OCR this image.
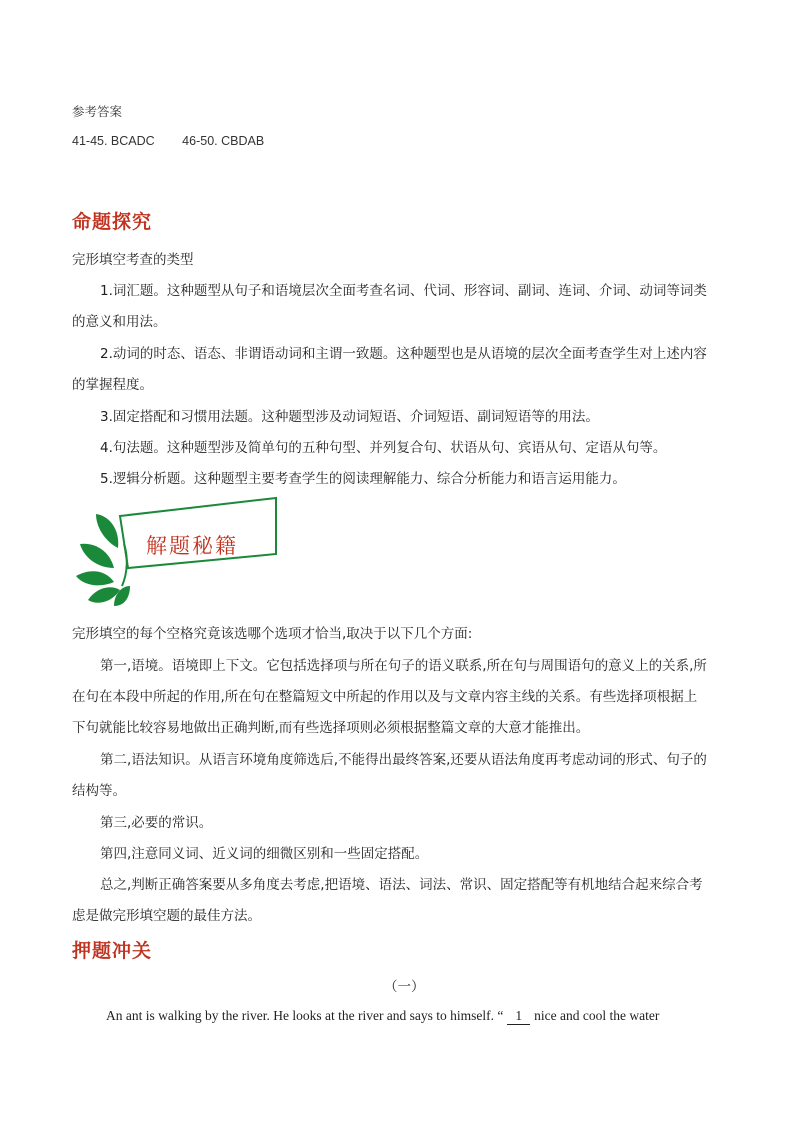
参考答案
41-45. BCADC 46-50. CBDAB
命题探究
完形填空考查的类型
1.词汇题。这种题型从句子和语境层次全面考查名词、代词、形容词、副词、连词、介词、动词等词类
的意义和用法。
2.动词的时态、语态、非谓语动词和主谓一致题。这种题型也是从语境的层次全面考查学生对上述内容
的掌握程度。
3.固定搭配和习惯用法题。这种题型涉及动词短语、介词短语、副词短语等的用法。
4.句法题。这种题型涉及简单句的五种句型、并列复合句、状语从句、宾语从句、定语从句等。
5.逻辑分析题。这种题型主要考查学生的阅读理解能力、综合分析能力和语言运用能力。
解题秘籍
完形填空的每个空格究竟该选哪个选项才恰当,取决于以下几个方面:
第一,语境。语境即上下文。它包括选择项与所在句子的语义联系,所在句与周围语句的意义上的关系,所
在句在本段中所起的作用,所在句在整篇短文中所起的作用以及与文章内容主线的关系。有些选择项根据上
下句就能比较容易地做出正确判断,而有些选择项则必须根据整篇文章的大意才能推出。
第二,语法知识。从语言环境角度筛选后,不能得出最终答案,还要从语法角度再考虑动词的形式、句子的
结构等。
第三,必要的常识。
第四,注意同义词、近义词的细微区别和一些固定搭配。
总之,判断正确答案要从多角度去考虑,把语境、语法、词法、常识、固定搭配等有机地结合起来综合考
虑是做完形填空题的最佳方法。
押题冲关
（一）
An ant is walking by the river. He looks at the river and says to himself. “ 1 nice and cool the water
